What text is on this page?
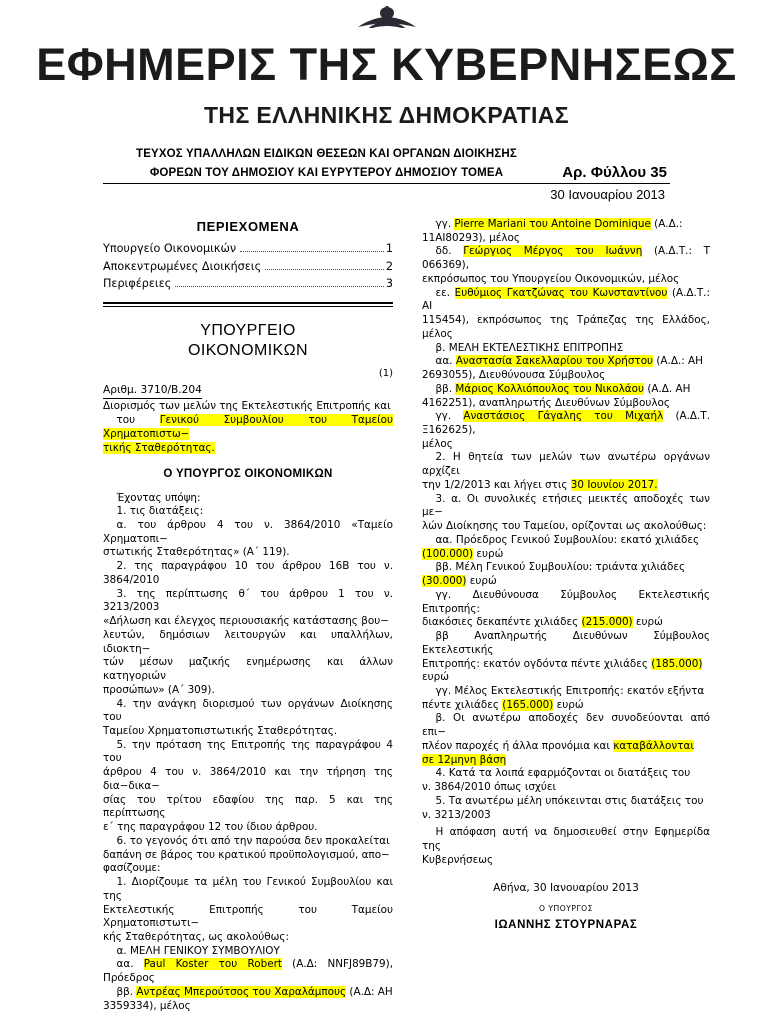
ΕΦΗΜΕΡΙΣ ΤΗΣ ΚΥΒΕΡΝΗΣΕΩΣ
ΤΗΣ ΕΛΛΗΝΙΚΗΣ ΔΗΜΟΚΡΑΤΙΑΣ
ΤΕΥΧΟΣ ΥΠΑΛΛΗΛΩΝ ΕΙΔΙΚΩΝ ΘΕΣΕΩΝ ΚΑΙ ΟΡΓΑΝΩΝ ΔΙΟΙΚΗΣΗΣ
ΦΟΡΕΩΝ ΤΟΥ ΔΗΜΟΣΙΟΥ ΚΑΙ ΕΥΡΥΤΕΡΟΥ ΔΗΜΟΣΙΟΥ ΤΟΜΕΑ	Αρ. Φύλλου 35
30 Ιανουαρίου 2013
ΠΕΡΙΕΧΟΜΕΝΑ
Υπουργείο Οικονομικών	1
Αποκεντρωμένες Διοικήσεις	2
Περιφέρειες	3
ΥΠΟΥΡΓΕΙΟ
ΟΙΚΟΝΟΜΙΚΩΝ
(1)
Αριθμ. 3710/Β.204

Διορισμός των μελών της Εκτελεστικής Επιτροπής και

του Γενικού Συμβουλίου του Ταμείου Χρηματοπιστω−

τικής Σταθερότητας.

Ο ΥΠΟΥΡΓΟΣ ΟΙΚΟΝΟΜΙΚΩΝ

Έχοντας υπόψη:

1. τις διατάξεις:

α. του άρθρου 4 του ν. 3864/2010 «Ταμείο Χρηματοπι−

στωτικής Σταθερότητας» (Α΄ 119).

2. της παραγράφου 10 του άρθρου 16Β του ν. 3864/2010

3. της περίπτωσης θ΄ του άρθρου 1 του ν. 3213/2003

«Δήλωση και έλεγχος περιουσιακής κατάστασης βου−

λευτών, δημόσιων λειτουργών και υπαλλήλων, ιδιοκτη−

τών μέσων μαζικής ενημέρωσης και άλλων κατηγοριών

προσώπων» (Α΄ 309).

4. την ανάγκη διορισμού των οργάνων Διοίκησης του

Ταμείου Χρηματοπιστωτικής Σταθερότητας.

5. την πρόταση της Επιτροπής της παραγράφου 4 του

άρθρου 4 του ν. 3864/2010 και την τήρηση της δια−δικα−

σίας του τρίτου εδαφίου της παρ. 5 και της περίπτωσης

ε΄ της παραγράφου 12 του ίδιου άρθρου.

6. το γεγονός ότι από την παρούσα δεν προκαλείται

δαπάνη σε βάρος του κρατικού προϋπολογισμού, απο−

φασίζουμε:

1. Διορίζουμε τα μέλη του Γενικού Συμβουλίου και της

Εκτελεστικής Επιτροπής του Ταμείου Χρηματοπιστωτι−

κής Σταθερότητας, ως ακολούθως:

α. ΜΕΛΗ ΓΕΝΙΚΟΥ ΣΥΜΒΟΥΛΙΟΥ

αα. Paul Koster του Robert (Α.Δ: ΝΝFJ89B79), Πρόεδρος

ββ. Αντρέας Μπερούτσος του Χαραλάμπους (Α.Δ: ΑΗ

3359334), μέλος

γγ. Pierre Mariani του Antoine Dominique (Α.Δ.:

11ΑΙ80293), μέλος

δδ. Γεώργιος Μέργος του Ιωάννη (Α.Δ.Τ.: Τ 066369),

εκπρόσωπος του Υπουργείου Οικονομικών, μέλος

εε. Ευθύμιος Γκατζώνας του Κωνσταντίνου (Α.Δ.Τ.: ΑΙ

115454), εκπρόσωπος της Τράπεζας της Ελλάδος, μέλος

β. ΜΕΛΗ ΕΚΤΕΛΕΣΤΙΚΗΣ ΕΠΙΤΡΟΠΗΣ

αα. Αναστασία Σακελλαρίου του Χρήστου (Α.Δ.: ΑΗ

2693055), Διευθύνουσα Σύμβουλος

ββ. Μάριος Κολλιόπουλος του Νικολάου (Α.Δ. ΑΗ

4162251), αναπληρωτής Διευθύνων Σύμβουλος

γγ. Αναστάσιος Γάγαλης του Μιχαήλ (Α.Δ.Τ. Ξ162625),

μέλος

2. Η θητεία των μελών των ανωτέρω οργάνων αρχίζει

την 1/2/2013 και λήγει στις 30 Ιουνίου 2017.

3. α. Οι συνολικές ετήσιες μεικτές αποδοχές των με−

λών Διοίκησης του Ταμείου, ορίζονται ως ακολούθως:

αα. Πρόεδρος Γενικού Συμβουλίου: εκατό χιλιάδες

(100.000) ευρώ

ββ. Μέλη Γενικού Συμβουλίου: τριάντα χιλιάδες

(30.000) ευρώ

γγ. Διευθύνουσα Σύμβουλος Εκτελεστικής Επιτροπής:

διακόσιες δεκαπέντε χιλιάδες (215.000) ευρώ

ββ Αναπληρωτής Διευθύνων Σύμβουλος Εκτελεστικής

Επιτροπής: εκατόν ογδόντα πέντε χιλιάδες (185.000)

ευρώ

γγ. Μέλος Εκτελεστικής Επιτροπής: εκατόν εξήντα

πέντε χιλιάδες (165.000) ευρώ

β. Οι ανωτέρω αποδοχές δεν συνοδεύονται από επι−

πλέον παροχές ή άλλα προνόμια και καταβάλλονται

σε 12μηνη βάση

4. Κατά τα λοιπά εφαρμόζονται οι διατάξεις του

ν. 3864/2010 όπως ισχύει

5. Τα ανωτέρω μέλη υπόκεινται στις διατάξεις του

ν. 3213/2003

Η απόφαση αυτή να δημοσιευθεί στην Εφημερίδα της

Κυβερνήσεως

Αθήνα, 30 Ιανουαρίου 2013
Ο ΥΠΟΥΡΓΟΣ
ΙΩΑΝΝΗΣ ΣΤΟΥΡΝΑΡΑΣ
